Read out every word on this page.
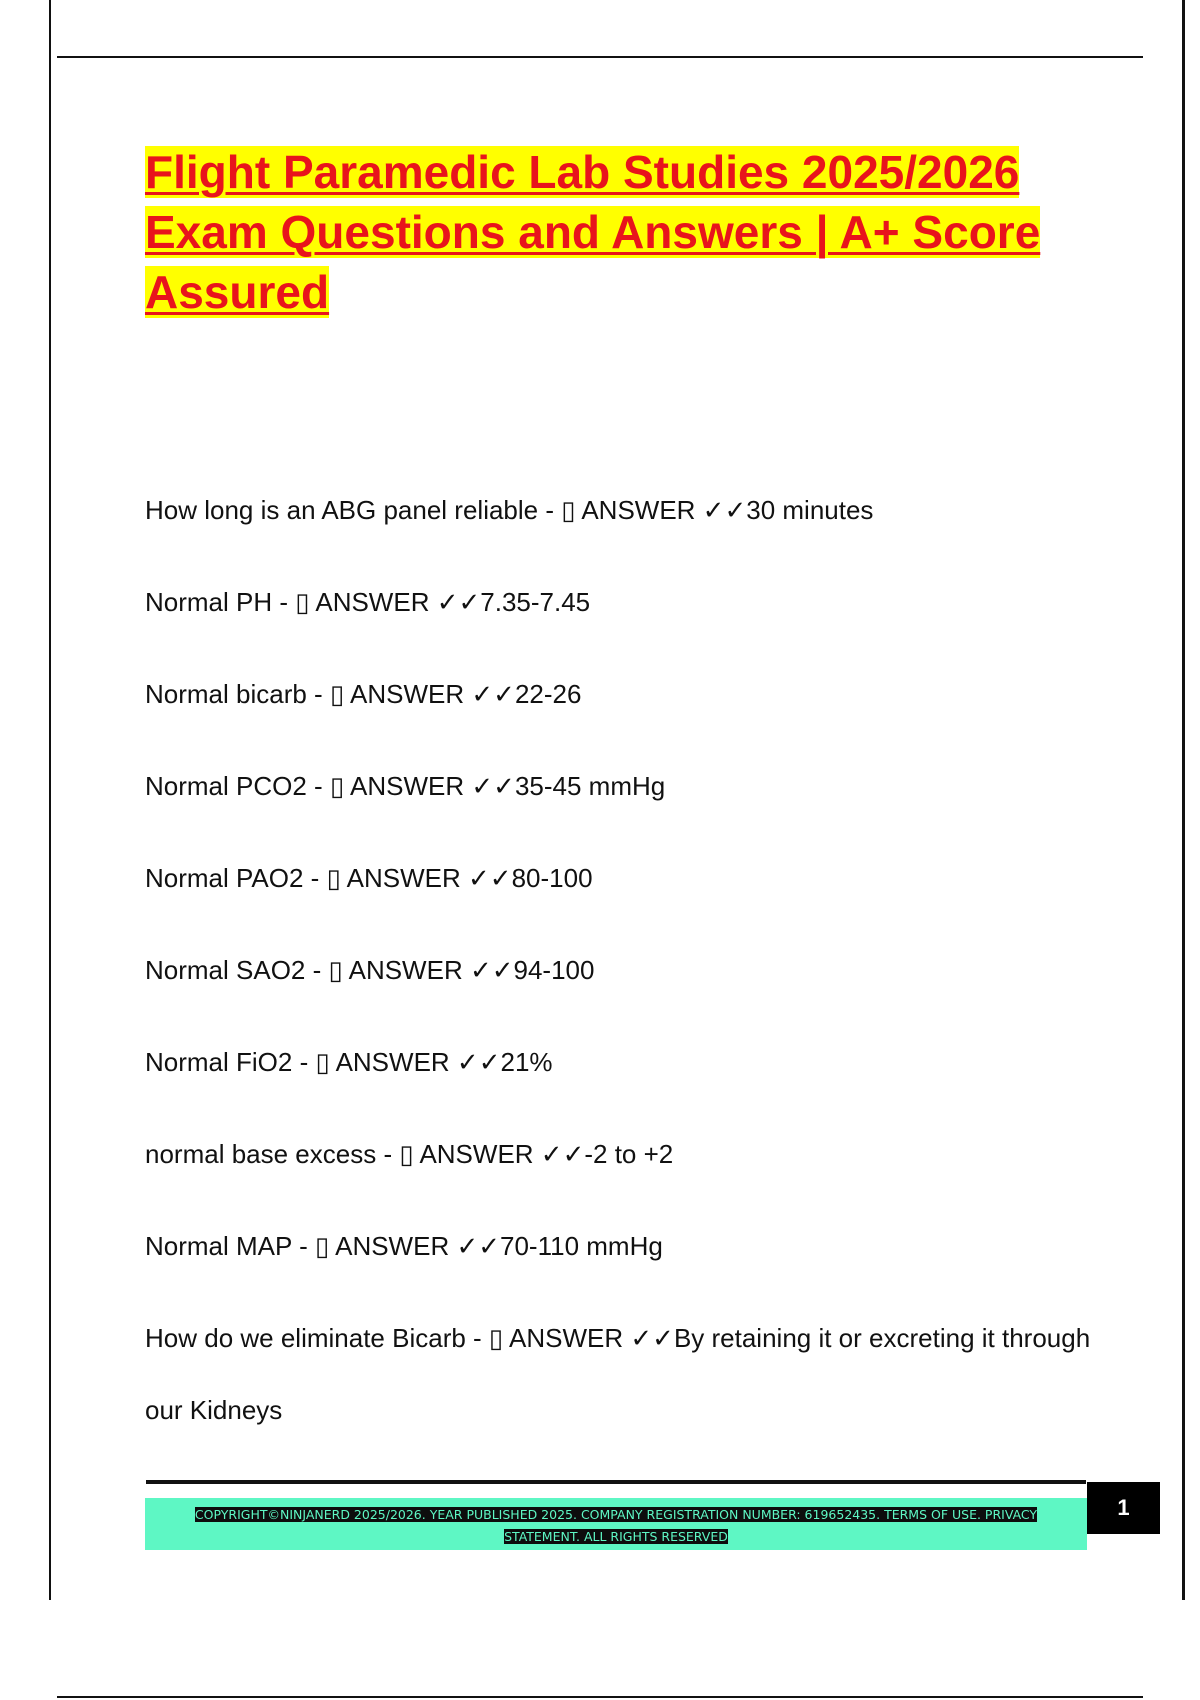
Flight Paramedic Lab Studies 2025/2026 Exam Questions and Answers | A+ Score Assured
How long is an ABG panel reliable - ▯ ANSWER ✓✓30 minutes
Normal PH - ▯ ANSWER ✓✓7.35-7.45
Normal bicarb - ▯ ANSWER ✓✓22-26
Normal PCO2 - ▯ ANSWER ✓✓35-45 mmHg
Normal PAO2 - ▯ ANSWER ✓✓80-100
Normal SAO2 - ▯ ANSWER ✓✓94-100
Normal FiO2 - ▯ ANSWER ✓✓21%
normal base excess - ▯ ANSWER ✓✓-2 to +2
Normal MAP - ▯ ANSWER ✓✓70-110 mmHg
How do we eliminate Bicarb - ▯ ANSWER ✓✓By retaining it or excreting it through our Kidneys
COPYRIGHT©NINJANERD 2025/2026. YEAR PUBLISHED 2025. COMPANY REGISTRATION NUMBER: 619652435. TERMS OF USE. PRIVACY STATEMENT. ALL RIGHTS RESERVED
1
